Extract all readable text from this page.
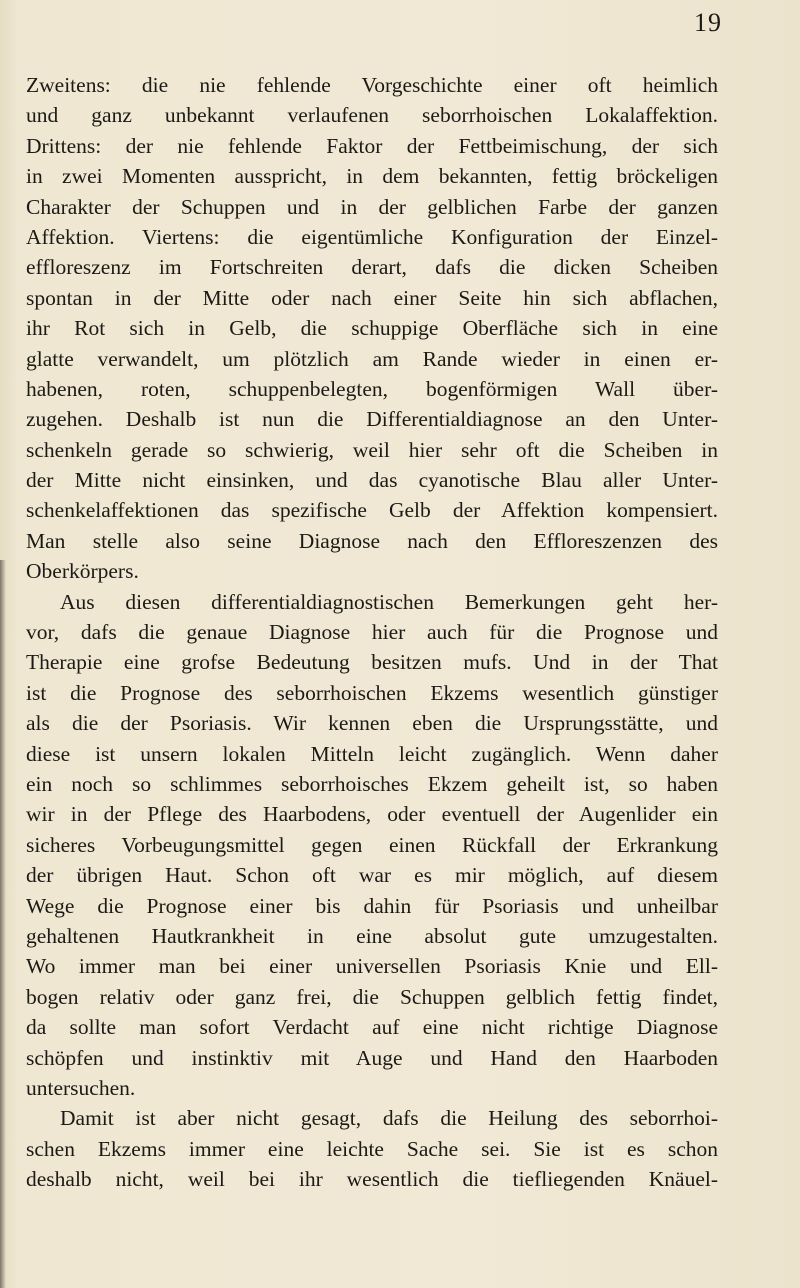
19
Zweitens: die nie fehlende Vorgeschichte einer oft heimlich
und ganz unbekannt verlaufenen seborrhoischen Lokalaffektion.
Drittens: der nie fehlende Faktor der Fettbeimischung, der sich
in zwei Momenten ausspricht, in dem bekannten, fettig bröckeligen
Charakter der Schuppen und in der gelblichen Farbe der ganzen
Affektion. Viertens: die eigentümliche Konfiguration der Einzel-
effloreszenz im Fortschreiten derart, dafs die dicken Scheiben
spontan in der Mitte oder nach einer Seite hin sich abflachen,
ihr Rot sich in Gelb, die schuppige Oberfläche sich in eine
glatte verwandelt, um plötzlich am Rande wieder in einen er-
habenen, roten, schuppenbelegten, bogenförmigen Wall über-
zugehen. Deshalb ist nun die Differentialdiagnose an den Unter-
schenkeln gerade so schwierig, weil hier sehr oft die Scheiben in
der Mitte nicht einsinken, und das cyanotische Blau aller Unter-
schenkelaffektionen das spezifische Gelb der Affektion kompensiert.
Man stelle also seine Diagnose nach den Effloreszenzen des
Oberkörpers.
Aus diesen differentialdiagnostischen Bemerkungen geht her-
vor, dafs die genaue Diagnose hier auch für die Prognose und
Therapie eine grofse Bedeutung besitzen mufs. Und in der That
ist die Prognose des seborrhoischen Ekzems wesentlich günstiger
als die der Psoriasis. Wir kennen eben die Ursprungsstätte, und
diese ist unsern lokalen Mitteln leicht zugänglich. Wenn daher
ein noch so schlimmes seborrhoisches Ekzem geheilt ist, so haben
wir in der Pflege des Haarbodens, oder eventuell der Augenlider ein
sicheres Vorbeugungsmittel gegen einen Rückfall der Erkrankung
der übrigen Haut. Schon oft war es mir möglich, auf diesem
Wege die Prognose einer bis dahin für Psoriasis und unheilbar
gehaltenen Hautkrankheit in eine absolut gute umzugestalten.
Wo immer man bei einer universellen Psoriasis Knie und Ell-
bogen relativ oder ganz frei, die Schuppen gelblich fettig findet,
da sollte man sofort Verdacht auf eine nicht richtige Diagnose
schöpfen und instinktiv mit Auge und Hand den Haarboden
untersuchen.
Damit ist aber nicht gesagt, dafs die Heilung des seborrhoi-
schen Ekzems immer eine leichte Sache sei. Sie ist es schon
deshalb nicht, weil bei ihr wesentlich die tiefliegenden Knäuel-
